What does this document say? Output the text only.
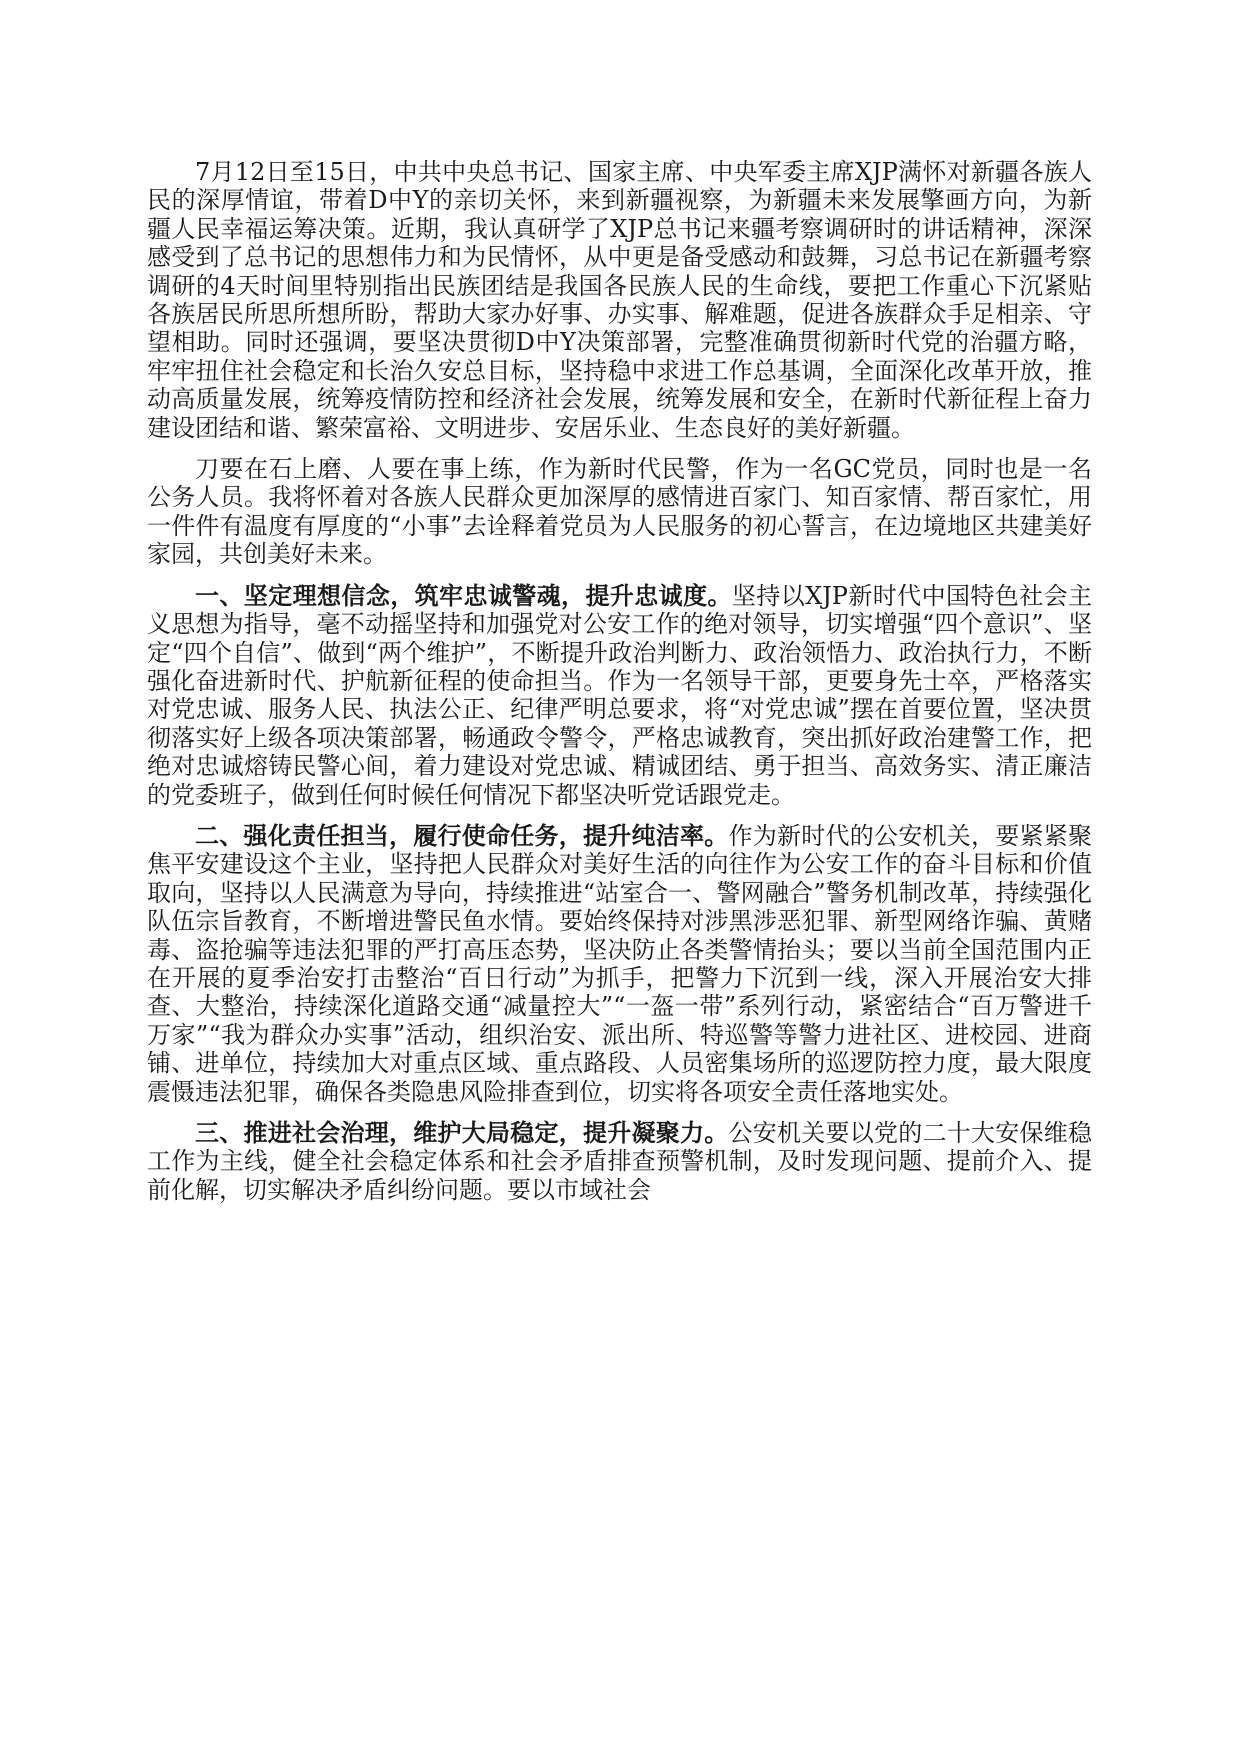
7月12日至15日，中共中央总书记、国家主席、中央军委主席XJP满怀对新疆各族人民的深厚情谊，带着D中Y的亲切关怀，来到新疆视察，为新疆未来发展擎画方向，为新疆人民幸福运筹决策。近期，我认真研学了XJP总书记来疆考察调研时的讲话精神，深深感受到了总书记的思想伟力和为民情怀，从中更是备受感动和鼓舞，习总书记在新疆考察调研的4天时间里特别指出民族团结是我国各民族人民的生命线，要把工作重心下沉紧贴各族居民所思所想所盼，帮助大家办好事、办实事、解难题，促进各族群众手足相亲、守望相助。同时还强调，要坚决贯彻D中Y决策部署，完整准确贯彻新时代党的治疆方略，牢牢扭住社会稳定和长治久安总目标，坚持稳中求进工作总基调，全面深化改革开放，推动高质量发展，统筹疫情防控和经济社会发展，统筹发展和安全，在新时代新征程上奋力建设团结和谐、繁荣富裕、文明进步、安居乐业、生态良好的美好新疆。

刀要在石上磨、人要在事上练，作为新时代民警，作为一名GC党员，同时也是一名公务人员。我将怀着对各族人民群众更加深厚的感情进百家门、知百家情、帮百家忙，用一件件有温度有厚度的“小事”去诠释着党员为人民服务的初心誓言，在边境地区共建美好家园，共创美好未来。

一、坚定理想信念，筑牢忠诚警魂，提升忠诚度。坚持以XJP新时代中国特色社会主义思想为指导，毫不动摇坚持和加强党对公安工作的绝对领导，切实增强“四个意识”、坚定“四个自信”、做到“两个维护”，不断提升政治判断力、政治领悟力、政治执行力，不断强化奋进新时代、护航新征程的使命担当。作为一名领导干部，更要身先士卒，严格落实对党忠诚、服务人民、执法公正、纪律严明总要求，将“对党忠诚”摆在首要位置，坚决贯彻落实好上级各项决策部署，畅通政令警令，严格忠诚教育，突出抓好政治建警工作，把绝对忠诚熔铸民警心间，着力建设对党忠诚、精诚团结、勇于担当、高效务实、清正廉洁的党委班子，做到任何时候任何情况下都坚决听党话跟党走。

二、强化责任担当，履行使命任务，提升纯洁率。作为新时代的公安机关，要紧紧聚焦平安建设这个主业，坚持把人民群众对美好生活的向往作为公安工作的奋斗目标和价值取向，坚持以人民满意为导向，持续推进“站室合一、警网融合”警务机制改革，持续强化队伍宗旨教育，不断增进警民鱼水情。要始终保持对涉黑涉恶犯罪、新型网络诈骗、黄赌毒、盗抢骗等违法犯罪的严打高压态势，坚决防止各类警情抬头；要以当前全国范围内正在开展的夏季治安打击整治“百日行动”为抓手，把警力下沉到一线，深入开展治安大排查、大整治，持续深化道路交通“减量控大”“一盔一带”系列行动，紧密结合“百万警进千万家”“我为群众办实事”活动，组织治安、派出所、特巡警等警力进社区、进校园、进商铺、进单位，持续加大对重点区域、重点路段、人员密集场所的巡逻防控力度，最大限度震慑违法犯罪，确保各类隐患风险排查到位，切实将各项安全责任落地实处。

三、推进社会治理，维护大局稳定，提升凝聚力。公安机关要以党的二十大安保维稳工作为主线，健全社会稳定体系和社会矛盾排查预警机制，及时发现问题、提前介入、提前化解，切实解决矛盾纠纷问题。要以市域社会
